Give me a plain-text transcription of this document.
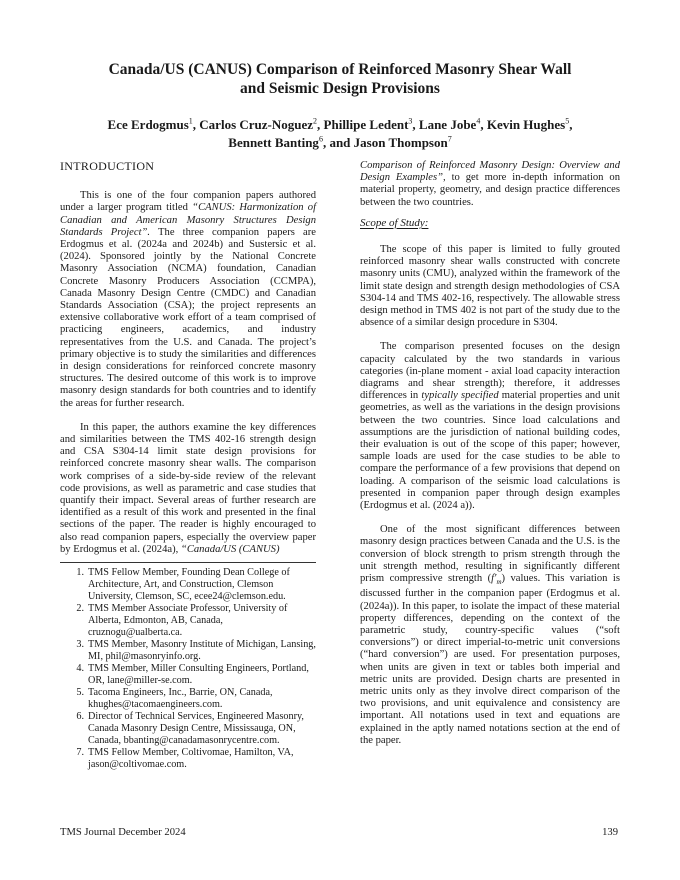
Canada/US (CANUS) Comparison of Reinforced Masonry Shear Wall
and Seismic Design Provisions
Ece Erdogmus$^1$, Carlos Cruz-Noguez$^2$, Phillipe Ledent$^3$, Lane Jobe$^4$, Kevin Hughes$^5$,
Bennett Banting$^6$, and Jason Thompson$^7$
INTRODUCTION

This is one of the four companion papers authored under a larger program titled “CANUS: Harmonization of Canadian and American Masonry Structures Design Standards Project”. The three companion papers are Erdogmus et al. (2024a and 2024b) and Sustersic et al. (2024). Sponsored jointly by the National Concrete Masonry Association (NCMA) foundation, Canadian Concrete Masonry Producers Association (CCMPA), Canada Masonry Design Centre (CMDC) and Canadian Standards Association (CSA); the project represents an extensive collaborative work effort of a team comprised of practicing engineers, academics, and industry representatives from the U.S. and Canada. The project’s primary objective is to study the similarities and differences in design considerations for reinforced concrete masonry structures. The desired outcome of this work is to improve masonry design standards for both countries and to identify the areas for further research.

In this paper, the authors examine the key differences and similarities between the TMS 402-16 strength design and CSA S304-14 limit state design provisions for reinforced concrete masonry shear walls. The comparison work comprises of a side-by-side review of the relevant code provisions, as well as parametric and case studies that quantify their impact. Several areas of further research are identified as a result of this work and presented in the final sections of the paper. The reader is highly encouraged to also read companion papers, especially the overview paper by Erdogmus et al. (2024a), “Canada/US (CANUS)

1. TMS Fellow Member, Founding Dean College of Architecture, Art, and Construction, Clemson University, Clemson, SC, ecee24@clemson.edu.
2. TMS Member Associate Professor, University of Alberta, Edmonton, AB, Canada, cruznogu@ualberta.ca.
3. TMS Member, Masonry Institute of Michigan, Lansing, MI, phil@masonryinfo.org.
4. TMS Member, Miller Consulting Engineers, Portland, OR, lane@miller-se.com.
5. Tacoma Engineers, Inc., Barrie, ON, Canada, khughes@tacomaengineers.com.
6. Director of Technical Services, Engineered Masonry, Canada Masonry Design Centre, Mississauga, ON, Canada, bbanting@canadamasonrycentre.com.
7. TMS Fellow Member, Coltivomae, Hamilton, VA, jason@coltivomae.com.

Comparison of Reinforced Masonry Design: Overview and Design Examples”, to get more in-depth information on material property, geometry, and design practice differences between the two countries.

Scope of Study:

The scope of this paper is limited to fully grouted reinforced masonry shear walls constructed with concrete masonry units (CMU), analyzed within the framework of the limit state design and strength design methodologies of CSA S304-14 and TMS 402-16, respectively. The allowable stress design method in TMS 402 is not part of the study due to the absence of a similar design procedure in S304.

The comparison presented focuses on the design capacity calculated by the two standards in various categories (in-plane moment - axial load capacity interaction diagrams and shear strength); therefore, it addresses differences in typically specified material properties and unit geometries, as well as the variations in the design provisions between the two countries. Since load calculations and assumptions are the jurisdiction of national building codes, their evaluation is out of the scope of this paper; however, sample loads are used for the case studies to be able to compare the performance of a few provisions that depend on loading. A comparison of the seismic load calculations is presented in companion paper through design examples (Erdogmus et al. (2024 a)).

One of the most significant differences between masonry design practices between Canada and the U.S. is the conversion of block strength to prism strength through the unit strength method, resulting in significantly different prism compressive strength $(f'_m)$ values. This variation is discussed further in the companion paper (Erdogmus et al. (2024a)). In this paper, to isolate the impact of these material property differences, depending on the context of the parametric study, country-specific values (“soft conversions”) or direct imperial-to-metric unit conversions (“hard conversion”) are used. For presentation purposes, when units are given in text or tables both imperial and metric units are provided. Design charts are presented in metric units only as they involve direct comparison of the two provisions, and unit equivalence and consistency are important. All notations used in text and equations are explained in the aptly named notations section at the end of the paper.

TMS Journal December 2024	139
